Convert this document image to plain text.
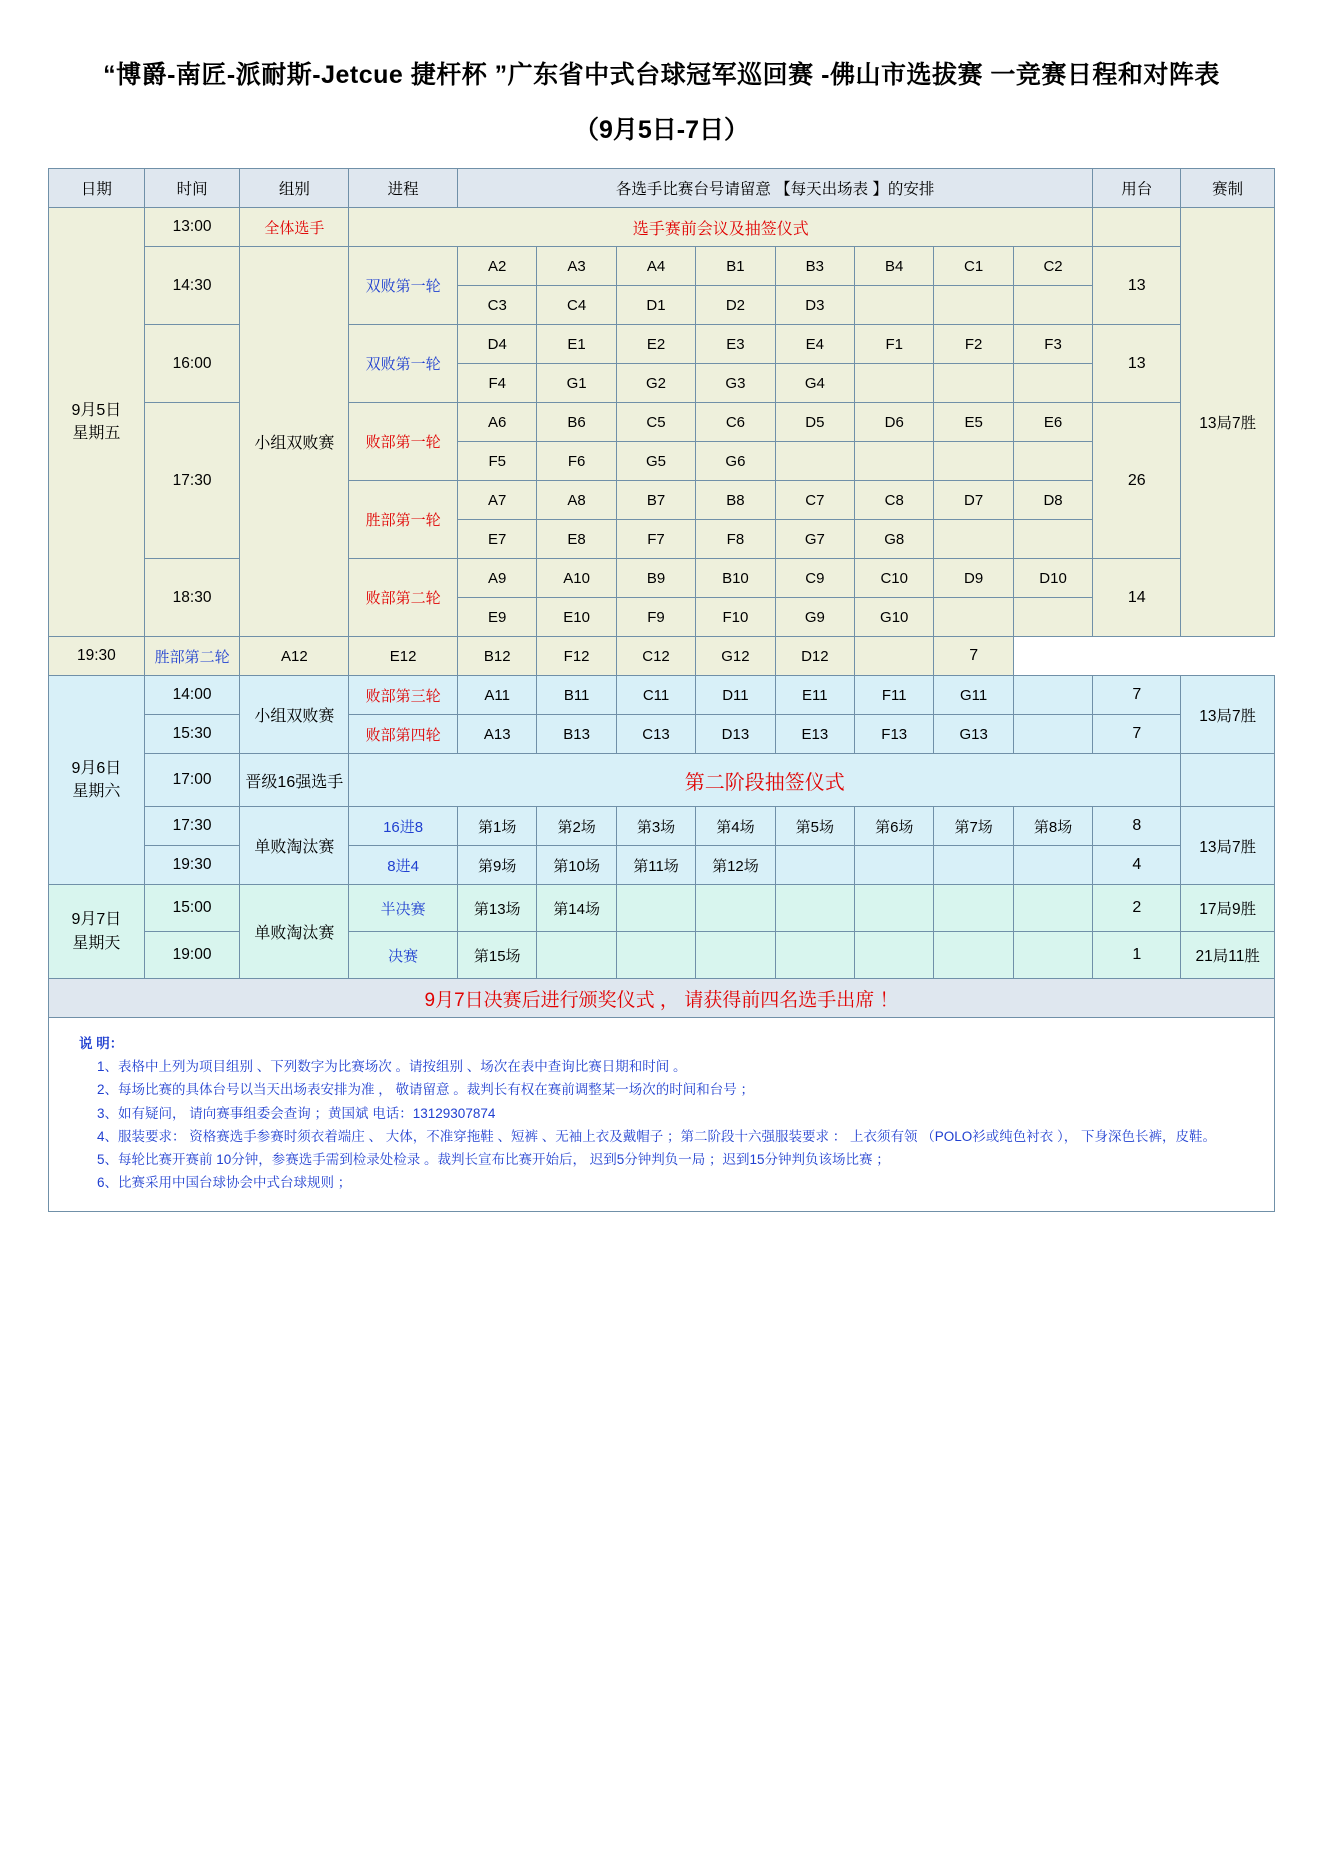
“博爵-南匠-派耐斯-Jetcue 捷杆杯 ”广东省中式台球冠军巡回赛 -佛山市选拔赛 一竞赛日程和对阵表
（9月5日-7日）
日期	时间	组别	进程	各选手比赛台号请留意 【每天出场表 】的安排								用台	赛制

9月5日
星期五	13:00	全体选手	选手赛前会议及抽签仪式										13局7胜
	14:30	小组双败赛	双败第一轮	A2	A3	A4	B1	B3	B4	C1	C2	13	
				C3	C4	D1	D2	D3					
	16:00		双败第一轮	D4	E1	E2	E3	E4	F1	F2	F3	13	
				F4	G1	G2	G3	G4					
	17:30		败部第一轮	A6	B6	C5	C6	D5	D6	E5	E6	26	
				F5	F6	G5	G6						
			胜部第一轮	A7	A8	B7	B8	C7	C8	D7	D8		
				E7	E8	F7	F8	G7	G8				
	18:30		败部第二轮	A9	A10	B9	B10	C9	C10	D9	D10	14	
				E9	E10	F9	F10	G9	G10				
19:30	胜部第二轮	A12	E12	B12	F12	C12	G12	D12		7			

9月6日
星期六	14:00	小组双败赛	败部第三轮	A11	B11	C11	D11	E11	F11	G11		7	13局7胜
	15:30		败部第四轮	A13	B13	C13	D13	E13	F13	G13		7	
	17:00	晋级16强选手	第二阶段抽签仪式										
	17:30	单败淘汰赛	16进8	第1场	第2场	第3场	第4场	第5场	第6场	第7场	第8场	8	13局7胜
	19:30		8进4	第9场	第10场	第11场	第12场					4	

9月7日
星期天	15:00	单败淘汰赛	半决赛	第13场	第14场							2	17局9胜
	19:00		决赛	第15场								1	21局11胜
9月7日决赛后进行颁奖仪式 ， 请获得前四名选手出席 ！													
说 明：

1、表格中上列为项目组别 、下列数字为比赛场次 。请按组别 、场次在表中查询比赛日期和时间 。

2、每场比赛的具体台号以当天出场表安排为准 ， 敬请留意 。裁判长有权在赛前调整某一场次的时间和台号 ；

3、如有疑问， 请向赛事组委会查询 ；黄国斌 电话：13129307874

4、服装要求： 资格赛选手参赛时须衣着端庄 、 大体，不准穿拖鞋 、短裤 、无袖上衣及戴帽子 ；第二阶段十六强服装要求 ： 上衣须有领 （POLO衫或纯色衬衣 ）， 下身深色长裤，皮鞋。

5、每轮比赛开赛前 10分钟，参赛选手需到检录处检录 。裁判长宣布比赛开始后， 迟到5分钟判负一局 ；迟到15分钟判负该场比赛 ；

6、比赛采用中国台球协会中式台球规则 ；
